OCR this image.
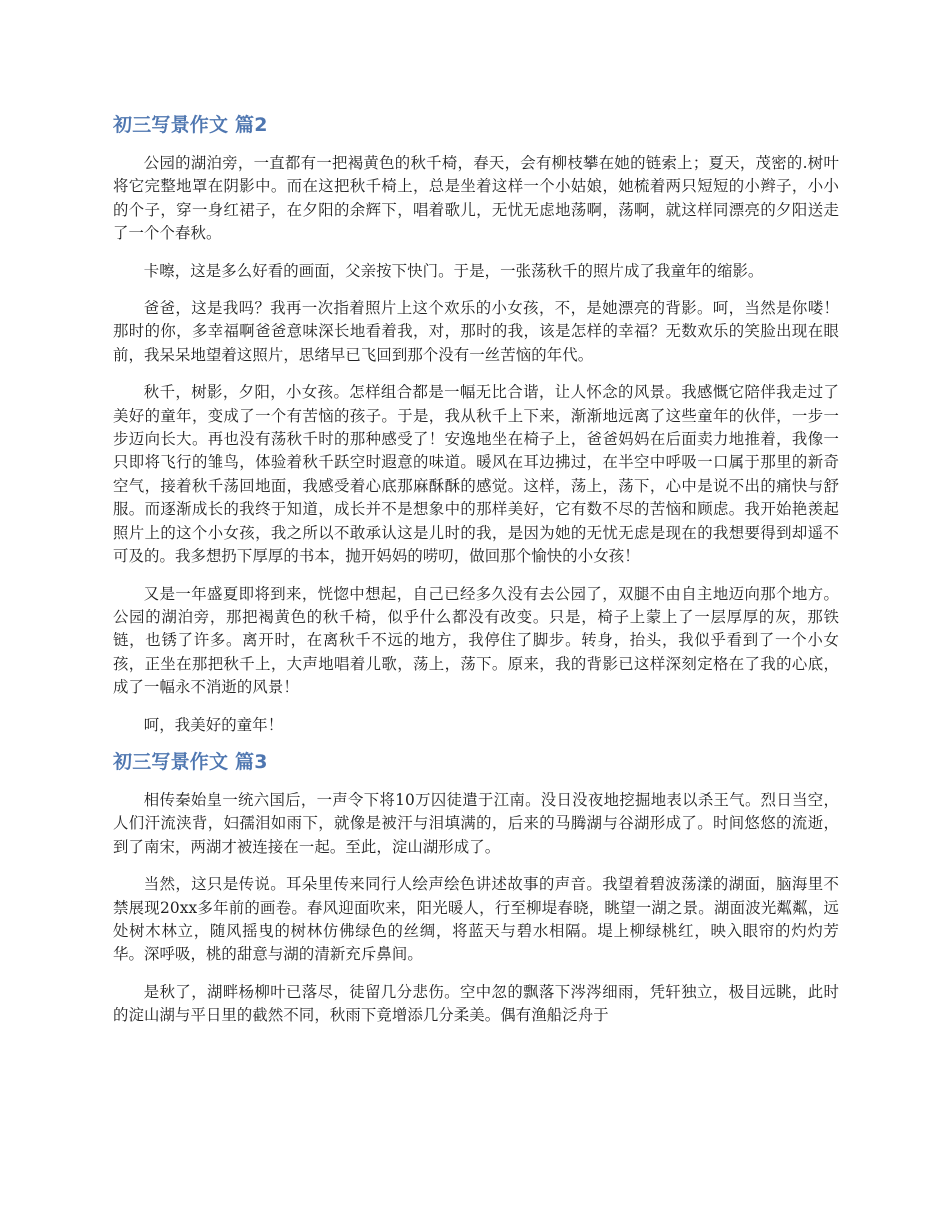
初三写景作文 篇2

公园的湖泊旁，一直都有一把褐黄色的秋千椅，春天，会有柳枝攀在她的链索上；夏天，茂密的.树叶将它完整地罩在阴影中。而在这把秋千椅上，总是坐着这样一个小姑娘，她梳着两只短短的小辫子，小小的个子，穿一身红裙子，在夕阳的余辉下，唱着歌儿，无忧无虑地荡啊，荡啊，就这样同漂亮的夕阳送走了一个个春秋。

卡嚓，这是多么好看的画面，父亲按下快门。于是，一张荡秋千的照片成了我童年的缩影。

爸爸，这是我吗？我再一次指着照片上这个欢乐的小女孩，不，是她漂亮的背影。呵，当然是你喽！那时的你，多幸福啊爸爸意味深长地看着我，对，那时的我，该是怎样的幸福？无数欢乐的笑脸出现在眼前，我呆呆地望着这照片，思绪早已飞回到那个没有一丝苦恼的年代。

秋千，树影，夕阳，小女孩。怎样组合都是一幅无比合谐，让人怀念的风景。我感慨它陪伴我走过了美好的童年，变成了一个有苦恼的孩子。于是，我从秋千上下来，渐渐地远离了这些童年的伙伴，一步一步迈向长大。再也没有荡秋千时的那种感受了！安逸地坐在椅子上，爸爸妈妈在后面卖力地推着，我像一只即将飞行的雏鸟，体验着秋千跃空时遐意的味道。暖风在耳边拂过，在半空中呼吸一口属于那里的新奇空气，接着秋千荡回地面，我感受着心底那麻酥酥的感觉。这样，荡上，荡下，心中是说不出的痛快与舒服。而逐渐成长的我终于知道，成长并不是想象中的那样美好，它有数不尽的苦恼和顾虑。我开始艳羡起照片上的这个小女孩，我之所以不敢承认这是儿时的我，是因为她的无忧无虑是现在的我想要得到却遥不可及的。我多想扔下厚厚的书本，抛开妈妈的唠叨，做回那个愉快的小女孩！

又是一年盛夏即将到来，恍惚中想起，自己已经多久没有去公园了，双腿不由自主地迈向那个地方。公园的湖泊旁，那把褐黄色的秋千椅，似乎什么都没有改变。只是，椅子上蒙上了一层厚厚的灰，那铁链，也锈了许多。离开时，在离秋千不远的地方，我停住了脚步。转身，抬头，我似乎看到了一个小女孩，正坐在那把秋千上，大声地唱着儿歌，荡上，荡下。原来，我的背影已这样深刻定格在了我的心底，成了一幅永不消逝的风景！

呵，我美好的童年！

初三写景作文 篇3

相传秦始皇一统六国后，一声令下将10万囚徒遣于江南。没日没夜地挖掘地表以杀王气。烈日当空，人们汗流浃背，妇孺泪如雨下，就像是被汗与泪填满的，后来的马腾湖与谷湖形成了。时间悠悠的流逝，到了南宋，两湖才被连接在一起。至此，淀山湖形成了。

当然，这只是传说。耳朵里传来同行人绘声绘色讲述故事的声音。我望着碧波荡漾的湖面，脑海里不禁展现20xx多年前的画卷。春风迎面吹来，阳光暖人，行至柳堤春晓，眺望一湖之景。湖面波光粼粼，远处树木林立，随风摇曳的树林仿佛绿色的丝绸，将蓝天与碧水相隔。堤上柳绿桃红，映入眼帘的灼灼芳华。深呼吸，桃的甜意与湖的清新充斥鼻间。

是秋了，湖畔杨柳叶已落尽，徒留几分悲伤。空中忽的飘落下涔涔细雨，凭轩独立，极目远眺，此时的淀山湖与平日里的截然不同，秋雨下竟增添几分柔美。偶有渔船泛舟于
